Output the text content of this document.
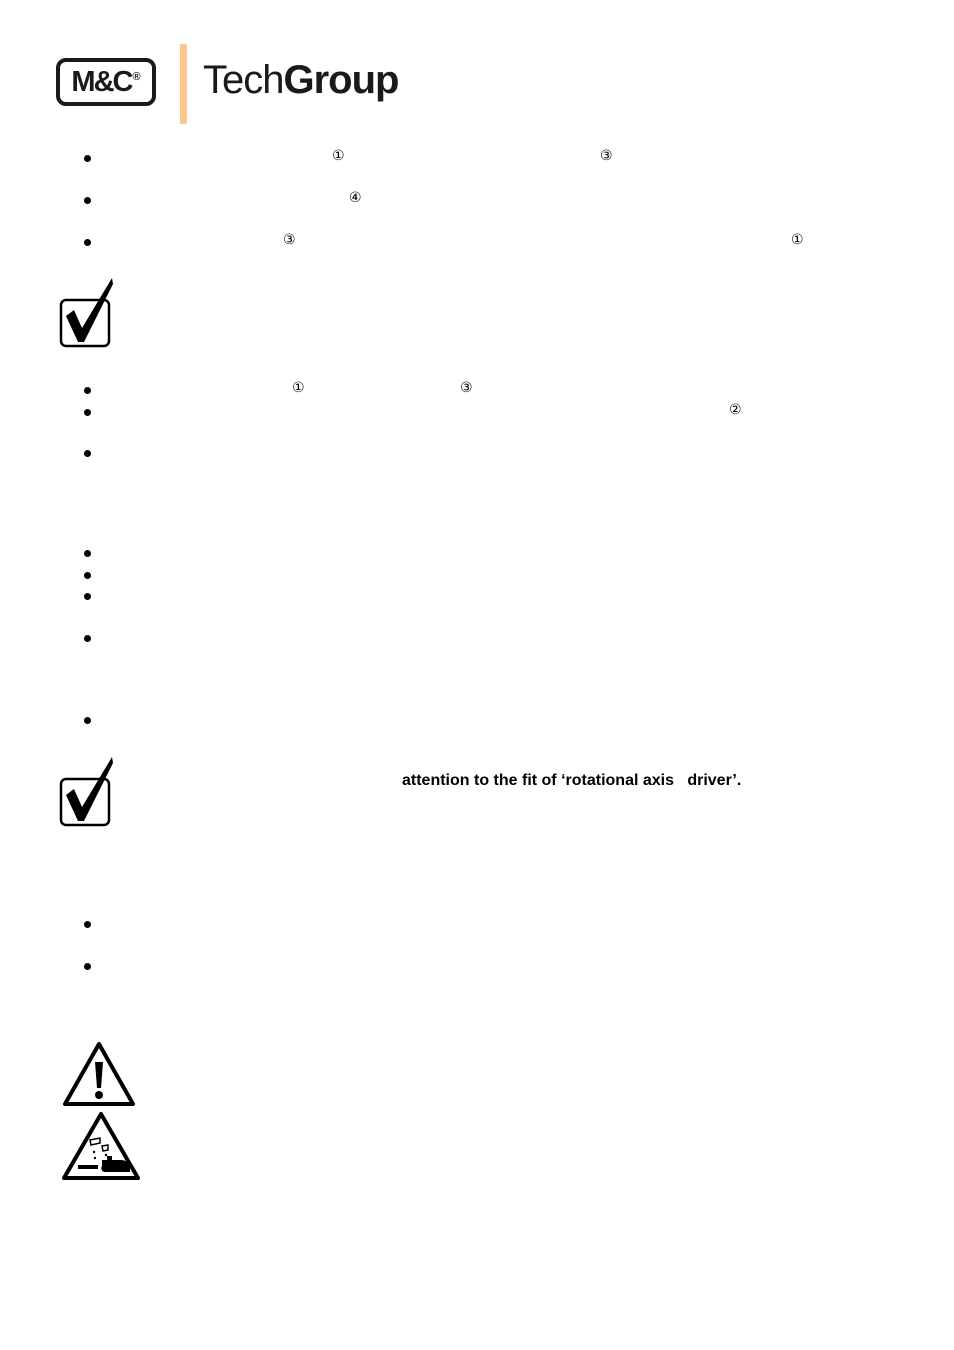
M&C® TechGroup
①	③
④
③	①
①	③
②
attention to the fit of ‘rotational axis   driver’.
